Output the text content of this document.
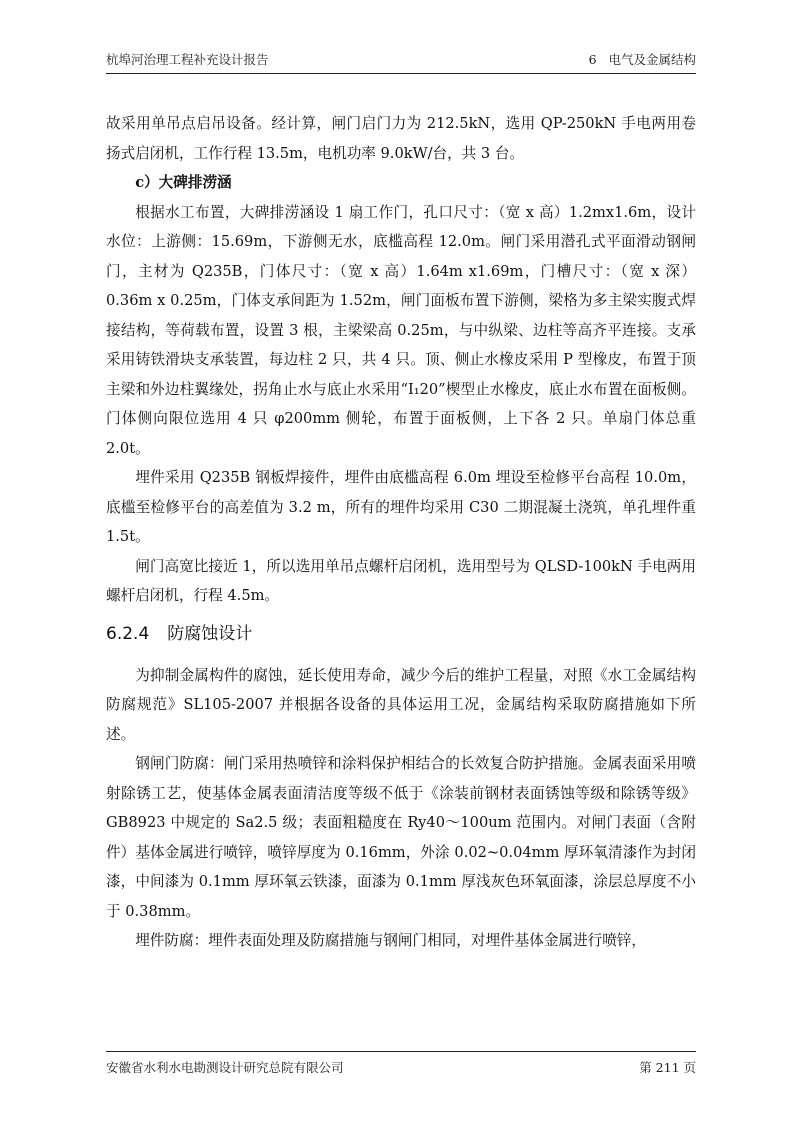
杭埠河治理工程补充设计报告	6   电气及金属结构

故采用单吊点启吊设备。经计算，闸门启门力为 212.5kN，选用 QP-250kN 手电两用卷扬式启闭机，工作行程 13.5m，电机功率 9.0kW/台，共 3 台。

c）大碑排涝涵

根据水工布置，大碑排涝涵设 1 扇工作门，孔口尺寸：（宽 x 高）1.2mx1.6m，设计水位：上游侧：15.69m，下游侧无水，底槛高程 12.0m。闸门采用潜孔式平面滑动钢闸门，主材为 Q235B，门体尺寸：（宽 x 高）1.64m x1.69m，门槽尺寸：（宽 x 深）0.36m x 0.25m，门体支承间距为 1.52m，闸门面板布置下游侧，梁格为多主梁实腹式焊接结构，等荷载布置，设置 3 根，主梁梁高 0.25m，与中纵梁、边柱等高齐平连接。支承采用铸铁滑块支承装置，每边柱 2 只，共 4 只。顶、侧止水橡皮采用 P 型橡皮，布置于顶主梁和外边柱翼缘处，拐角止水与底止水采用“I₁20”楔型止水橡皮，底止水布置在面板侧。门体侧向限位选用 4 只 φ200mm 侧轮，布置于面板侧，上下各 2 只。单扇门体总重 2.0t。

埋件采用 Q235B 钢板焊接件，埋件由底槛高程 6.0m 埋设至检修平台高程 10.0m，底槛至检修平台的高差值为 3.2 m，所有的埋件均采用 C30 二期混凝土浇筑，单孔埋件重 1.5t。

闸门高宽比接近 1，所以选用单吊点螺杆启闭机，选用型号为 QLSD-100kN 手电两用螺杆启闭机，行程 4.5m。

6.2.4 防腐蚀设计

为抑制金属构件的腐蚀，延长使用寿命，减少今后的维护工程量，对照《水工金属结构防腐规范》SL105-2007 并根据各设备的具体运用工况，金属结构采取防腐措施如下所述。

钢闸门防腐：闸门采用热喷锌和涂料保护相结合的长效复合防护措施。金属表面采用喷射除锈工艺，使基体金属表面清洁度等级不低于《涂装前钢材表面锈蚀等级和除锈等级》GB8923 中规定的 Sa2.5 级；表面粗糙度在 Ry40～100um 范围内。对闸门表面（含附件）基体金属进行喷锌，喷锌厚度为 0.16mm，外涂 0.02~0.04mm 厚环氧清漆作为封闭漆，中间漆为 0.1mm 厚环氧云铁漆，面漆为 0.1mm 厚浅灰色环氧面漆，涂层总厚度不小于 0.38mm。

埋件防腐：埋件表面处理及防腐措施与钢闸门相同，对埋件基体金属进行喷锌，

安徽省水利水电勘测设计研究总院有限公司	第 211 页
